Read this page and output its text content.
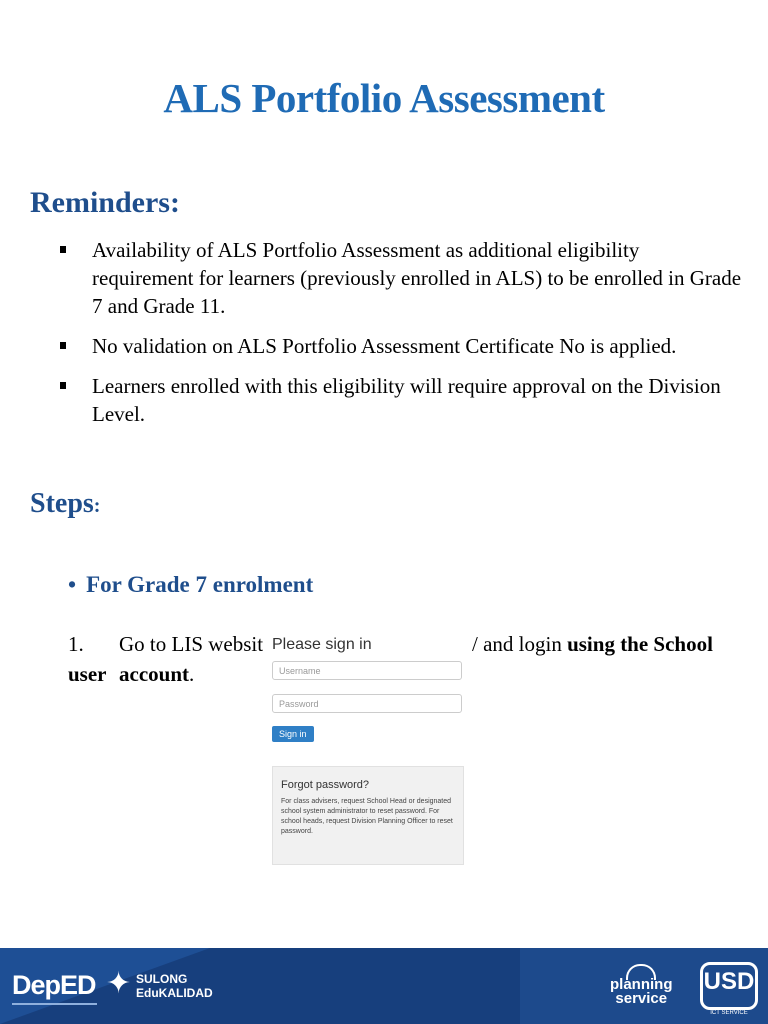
ALS Portfolio Assessment
Reminders:
Availability of ALS Portfolio Assessment as additional eligibility requirement for learners (previously enrolled in ALS) to be enrolled in Grade 7 and Grade 11.
No validation on ALS Portfolio Assessment Certificate No is applied.
Learners enrolled with this eligibility will require approval on the Division Level.
Steps:
• For Grade 7 enrolment
1. Go to LIS websit	/ and login using the School
user account.
Please sign in
Username
Password
Sign in
Forgot password?
For class advisers, request School Head or designated school system administrator to reset password. For school heads, request Division Planning Officer to reset password.
DepED ✦ SULONG
EduKALIDAD	planning
service
USD
ICT SERVICE
